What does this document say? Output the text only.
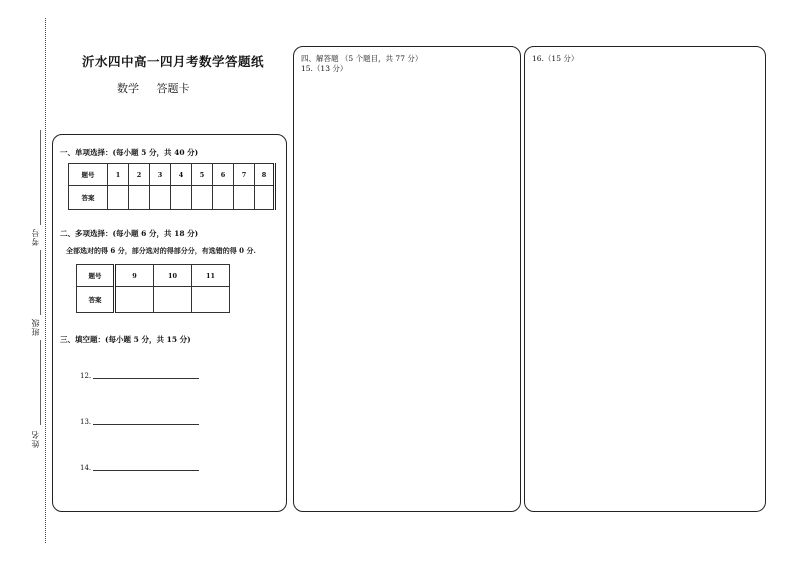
考号
班级
姓名
沂水四中高一四月考数学答题纸
数学 答题卡
一、单项选择：(每小题 5 分，共 40 分)
题号	1	2	3	4	5	6	7	8
答案								
二、多项选择：(每小题 6 分，共 18 分)
全部选对的得 6 分，部分选对的得部分分，有选错的得 0 分.
题号	9	10	11
答案			
三、填空题：(每小题 5 分，共 15 分)
12.
13.
14.
四、解答题 （5 个题目，共 77 分）
15.（13 分）
16.（15 分）
